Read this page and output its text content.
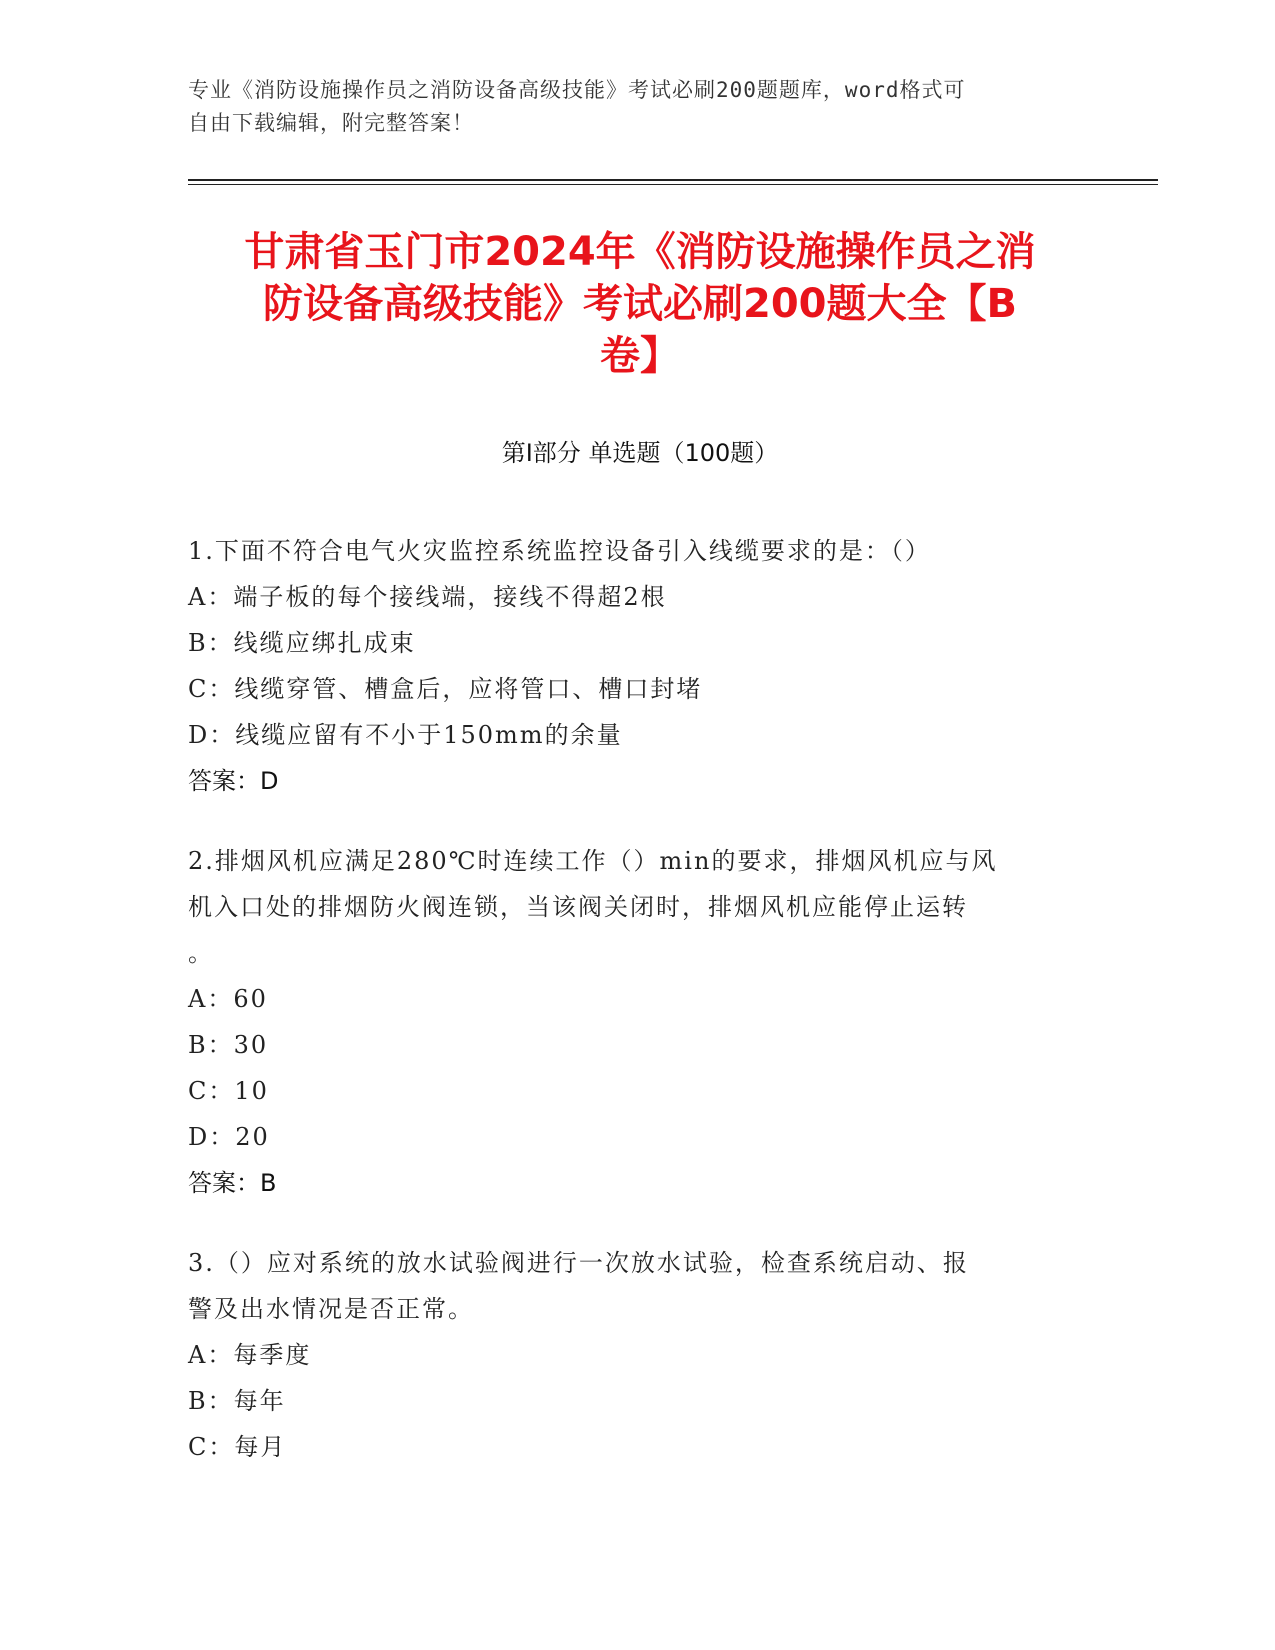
专业《消防设施操作员之消防设备高级技能》考试必刷200题题库，word格式可
自由下载编辑，附完整答案！
甘肃省玉门市2024年《消防设施操作员之消
防设备高级技能》考试必刷200题大全【B
卷】
第Ⅰ部分 单选题（100题）
1.下面不符合电气火灾监控系统监控设备引入线缆要求的是：（）
A：端子板的每个接线端，接线不得超2根
B：线缆应绑扎成束
C：线缆穿管、槽盒后，应将管口、槽口封堵
D：线缆应留有不小于150mm的余量
答案：D
2.排烟风机应满足280℃时连续工作（）min的要求，排烟风机应与风
机入口处的排烟防火阀连锁，当该阀关闭时，排烟风机应能停止运转
。
A：60
B：30
C：10
D：20
答案：B
3.（）应对系统的放水试验阀进行一次放水试验，检查系统启动、报
警及出水情况是否正常。
A：每季度
B：每年
C：每月
